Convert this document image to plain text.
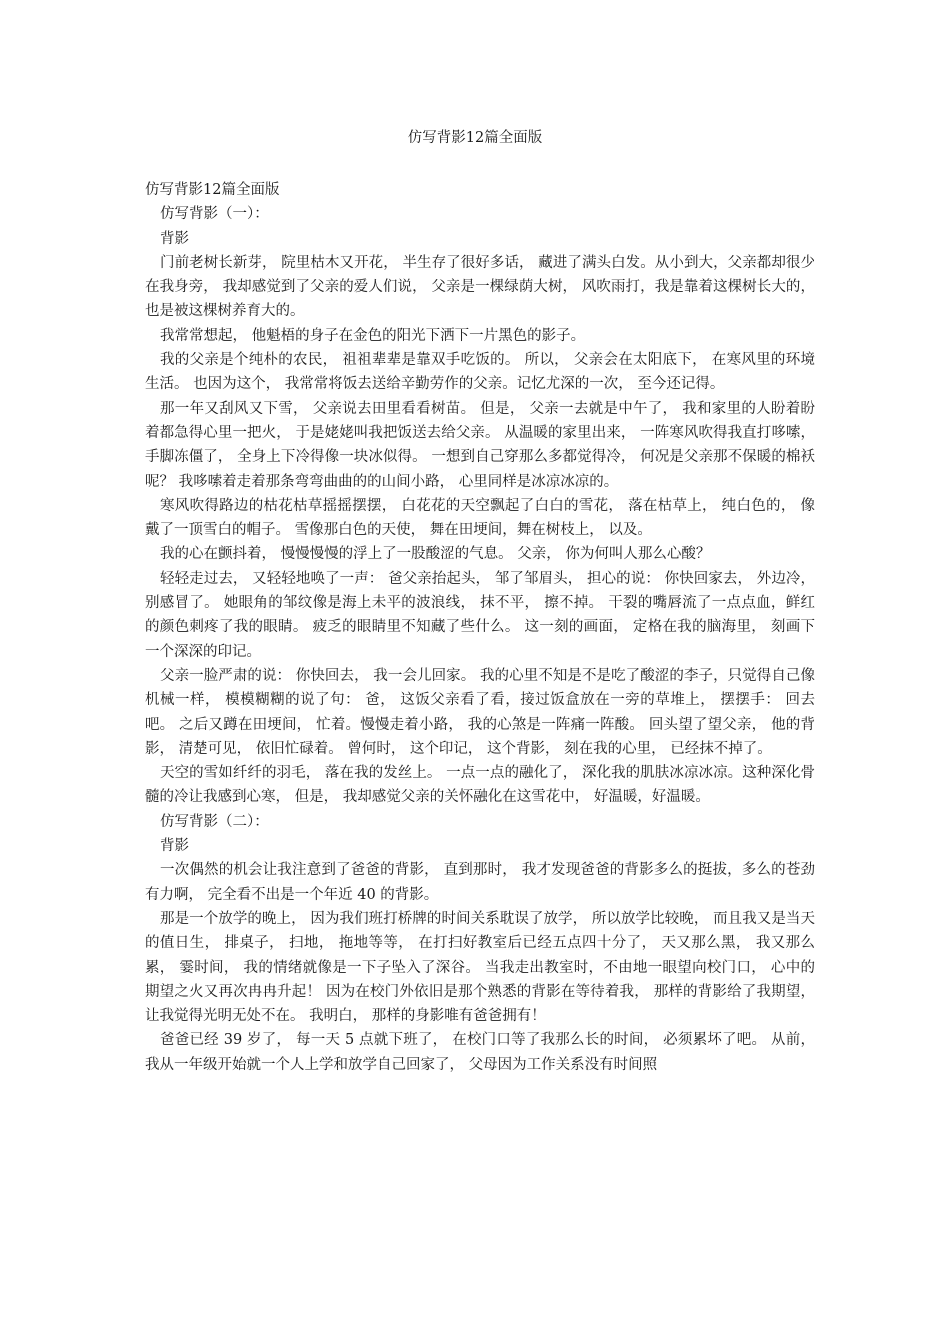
仿写背影12篇全面版

仿写背影12篇全面版

仿写背影（一）：

背影

门前老树长新芽， 院里枯木又开花， 半生存了很好多话， 藏进了满头白发。从小到大，父亲都却很少在我身旁， 我却感觉到了父亲的爱人们说， 父亲是一棵绿荫大树， 风吹雨打，我是靠着这棵树长大的， 也是被这棵树养育大的。

我常常想起， 他魁梧的身子在金色的阳光下洒下一片黑色的影子。

我的父亲是个纯朴的农民， 祖祖辈辈是靠双手吃饭的。 所以， 父亲会在太阳底下， 在寒风里的环境生活。 也因为这个， 我常常将饭去送给辛勤劳作的父亲。记忆尤深的一次， 至今还记得。

那一年又刮风又下雪， 父亲说去田里看看树苗。 但是， 父亲一去就是中午了， 我和家里的人盼着盼着都急得心里一把火， 于是姥姥叫我把饭送去给父亲。 从温暖的家里出来， 一阵寒风吹得我直打哆嗦， 手脚冻僵了， 全身上下冷得像一块冰似得。 一想到自己穿那么多都觉得冷， 何况是父亲那不保暖的棉袄呢？ 我哆嗦着走着那条弯弯曲曲的的山间小路， 心里同样是冰凉冰凉的。

寒风吹得路边的枯花枯草摇摇摆摆， 白花花的天空飘起了白白的雪花， 落在枯草上， 纯白色的， 像戴了一顶雪白的帽子。 雪像那白色的天使， 舞在田埂间，舞在树枝上， 以及。

我的心在颤抖着， 慢慢慢慢的浮上了一股酸涩的气息。 父亲， 你为何叫人那么心酸？

轻轻走过去， 又轻轻地唤了一声： 爸父亲抬起头， 邹了邹眉头， 担心的说： 你快回家去， 外边冷， 别感冒了。 她眼角的邹纹像是海上未平的波浪线， 抹不平， 擦不掉。 干裂的嘴唇流了一点点血，鲜红的颜色刺疼了我的眼睛。 疲乏的眼睛里不知藏了些什么。 这一刻的画面， 定格在我的脑海里， 刻画下一个深深的印记。

父亲一脸严肃的说： 你快回去， 我一会儿回家。 我的心里不知是不是吃了酸涩的李子，只觉得自己像机械一样， 模模糊糊的说了句： 爸， 这饭父亲看了看，接过饭盒放在一旁的草堆上， 摆摆手： 回去吧。 之后又蹲在田埂间， 忙着。慢慢走着小路， 我的心煞是一阵痛一阵酸。 回头望了望父亲， 他的背影， 清楚可见， 依旧忙碌着。 曾何时， 这个印记， 这个背影， 刻在我的心里， 已经抹不掉了。

天空的雪如纤纤的羽毛， 落在我的发丝上。 一点一点的融化了， 深化我的肌肤冰凉冰凉。这种深化骨髓的冷让我感到心寒， 但是， 我却感觉父亲的关怀融化在这雪花中， 好温暖，好温暖。

仿写背影（二）：

背影

一次偶然的机会让我注意到了爸爸的背影， 直到那时， 我才发现爸爸的背影多么的挺拔，多么的苍劲有力啊， 完全看不出是一个年近 40 的背影。

那是一个放学的晚上， 因为我们班打桥牌的时间关系耽误了放学， 所以放学比较晚， 而且我又是当天的值日生， 排桌子， 扫地， 拖地等等， 在打扫好教室后已经五点四十分了， 天又那么黑， 我又那么累， 霎时间， 我的情绪就像是一下子坠入了深谷。 当我走出教室时，不由地一眼望向校门口， 心中的期望之火又再次冉冉升起！ 因为在校门外依旧是那个熟悉的背影在等待着我， 那样的背影给了我期望， 让我觉得光明无处不在。 我明白， 那样的身影唯有爸爸拥有！

爸爸已经 39 岁了， 每一天 5 点就下班了， 在校门口等了我那么长的时间， 必须累坏了吧。 从前， 我从一年级开始就一个人上学和放学自己回家了， 父母因为工作关系没有时间照
